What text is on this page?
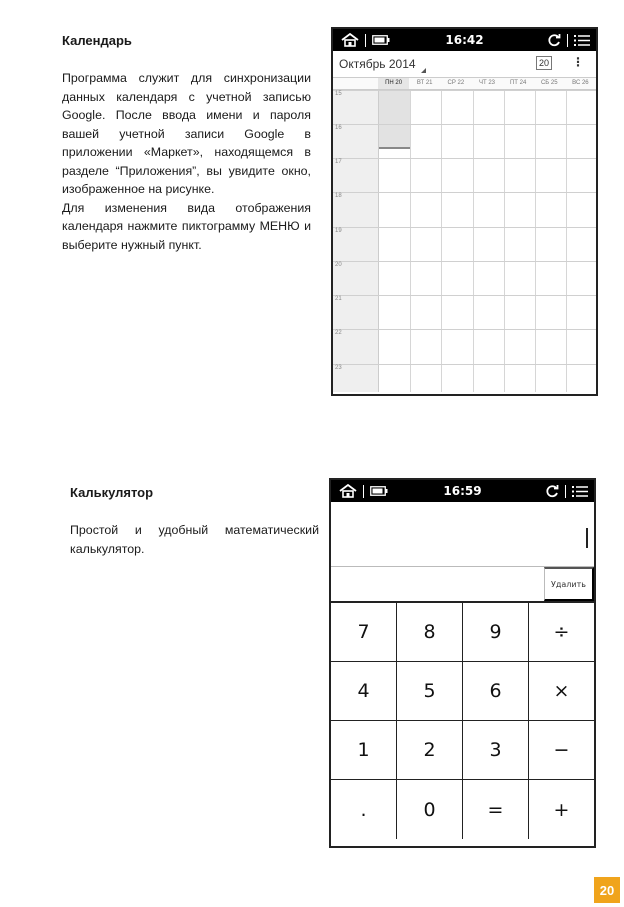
Календарь

Программа служит для синхронизации данных календаря с учетной записью Google. После ввода имени и пароля вашей учетной записи Google в приложении «Маркет», находящемся в разделе “Приложения”, вы увидите окно, изображенное на рисунке.

Для изменения вида отображения календаря нажмите пиктограмму МЕНЮ и выберите нужный пункт.

16:42
Октябрь 2014	20 ⋮
ПН 20	ВТ 21	СР 22	ЧТ 23	ПТ 24	СБ 25	ВС 26
15
16
17
18
19
20
21
22
23
Калькулятор

Простой и удобный математический калькулятор.

16:59
Удалить
7	8	9	÷
4	5	6	×
1	2	3	−
.	0	=	+
20
